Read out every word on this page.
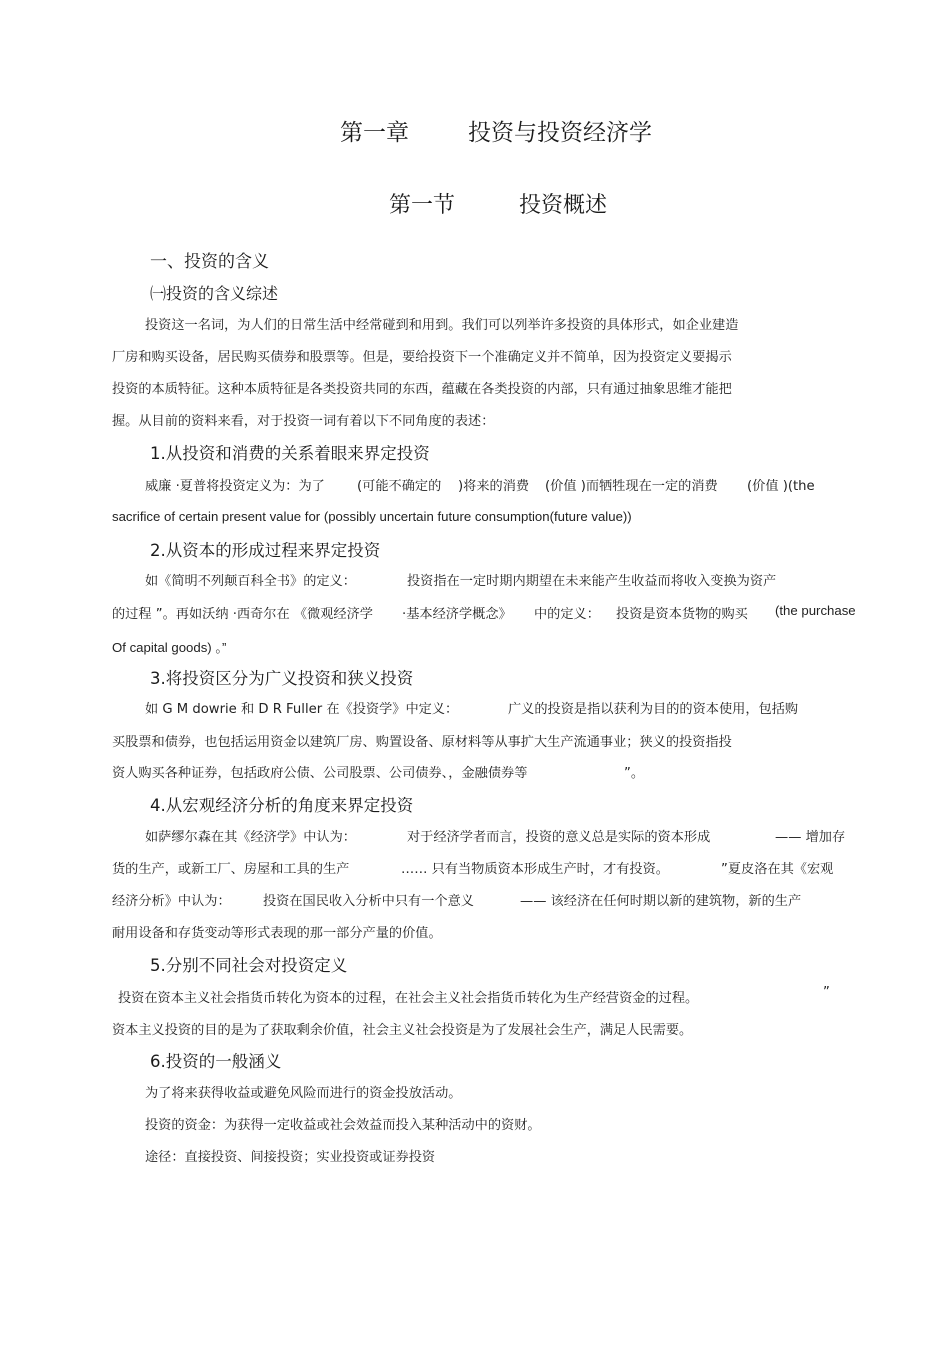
第一章	投资与投资经济学
第一节	投资概述
一、投资的含义
㈠投资的含义综述
投资这一名词，为人们的日常生活中经常碰到和用到。我们可以列举许多投资的具体形式，如企业建造
厂房和购买设备，居民购买债券和股票等。但是，要给投资下一个准确定义并不简单，因为投资定义要揭示
投资的本质特征。这种本质特征是各类投资共同的东西，蕴藏在各类投资的内部，只有通过抽象思维才能把
握。从目前的资料来看，对于投资一词有着以下不同角度的表述：
1.从投资和消费的关系着眼来界定投资
威廉 ·夏普将投资定义为：为了 (可能不确定的 )将来的消费 (价值 )而牺牲现在一定的消费 (价值 )(the
sacrifice of certain present value for (possibly uncertain future consumption(future value))
2.从资本的形成过程来界定投资
如《简明不列颠百科全书》的定义：	投资指在一定时期内期望在未来能产生收益而将收入变换为资产
的过程 ”。再如沃纳 ·西奇尔在 《微观经济学 ·基本经济学概念》 中的定义： 投资是资本货物的购买 (the purchase
Of capital goods) 。”
3.将投资区分为广义投资和狭义投资
如 G M dowrie 和 D R Fuller 在《投资学》中定义：	广义的投资是指以获利为目的的资本使用，包括购
买股票和债券，也包括运用资金以建筑厂房、购置设备、原材料等从事扩大生产流通事业；狭义的投资指投
资人购买各种证券，包括政府公债、公司股票、公司债券、，金融债券等	”。
4.从宏观经济分析的角度来界定投资
如萨缪尔森在其《经济学》中认为：	对于经济学者而言，投资的意义总是实际的资本形成	—— 增加存
货的生产，或新工厂、房屋和工具的生产	…… 只有当物质资本形成生产时，才有投资。	”夏皮洛在其《宏观
经济分析》中认为： 投资在国民收入分析中只有一个意义	—— 该经济在任何时期以新的建筑物，新的生产
耐用设备和存货变动等形式表现的那一部分产量的价值。
5.分别不同社会对投资定义
投资在资本主义社会指货币转化为资本的过程，在社会主义社会指货币转化为生产经营资金的过程。	”
资本主义投资的目的是为了获取剩余价值，社会主义社会投资是为了发展社会生产，满足人民需要。
6.投资的一般涵义
为了将来获得收益或避免风险而进行的资金投放活动。
投资的资金：为获得一定收益或社会效益而投入某种活动中的资财。
途径：直接投资、间接投资；实业投资或证券投资
